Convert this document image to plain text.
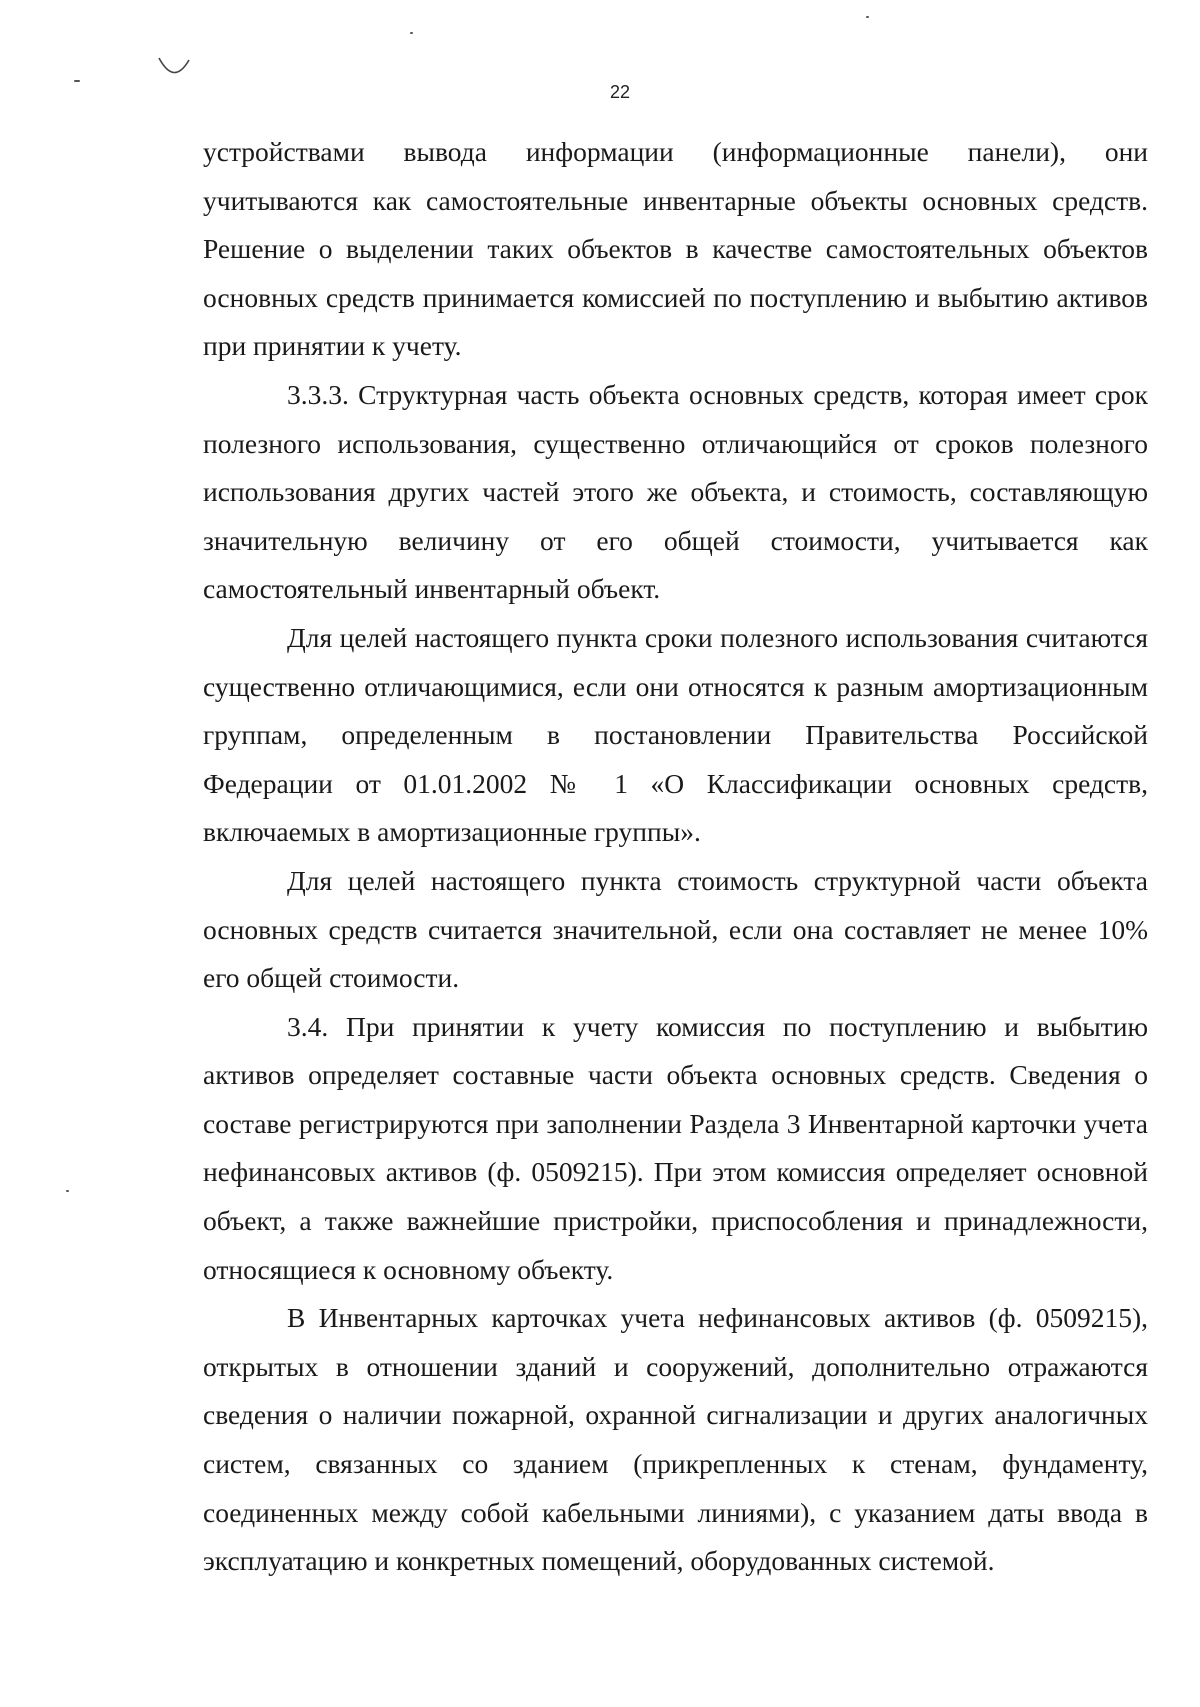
22

устройствами вывода информации (информационные панели), они учитываются как самостоятельные инвентарные объекты основных средств. Решение о выделении таких объектов в качестве самостоятельных объектов основных средств принимается комиссией по поступлению и выбытию активов при принятии к учету.

3.3.3. Структурная часть объекта основных средств, которая имеет срок полезного использования, существенно отличающийся от сроков полезного использования других частей этого же объекта, и стоимость, составляющую значительную величину от его общей стоимости, учитывается как самостоятельный инвентарный объект.

Для целей настоящего пункта сроки полезного использования считаются существенно отличающимися, если они относятся к разным амортизационным группам, определенным в постановлении Правительства Российской Федерации от 01.01.2002 № 1 «О Классификации основных средств, включаемых в амортизационные группы».

Для целей настоящего пункта стоимость структурной части объекта основных средств считается значительной, если она составляет не менее 10% его общей стоимости.

3.4. При принятии к учету комиссия по поступлению и выбытию активов определяет составные части объекта основных средств. Сведения о составе регистрируются при заполнении Раздела 3 Инвентарной карточки учета нефинансовых активов (ф. 0509215). При этом комиссия определяет основной объект, а также важнейшие пристройки, приспособления и принадлежности, относящиеся к основному объекту.

В Инвентарных карточках учета нефинансовых активов (ф. 0509215), открытых в отношении зданий и сооружений, дополнительно отражаются сведения о наличии пожарной, охранной сигнализации и других аналогичных систем, связанных со зданием (прикрепленных к стенам, фундаменту, соединенных между собой кабельными линиями), с указанием даты ввода в эксплуатацию и конкретных помещений, оборудованных системой.
